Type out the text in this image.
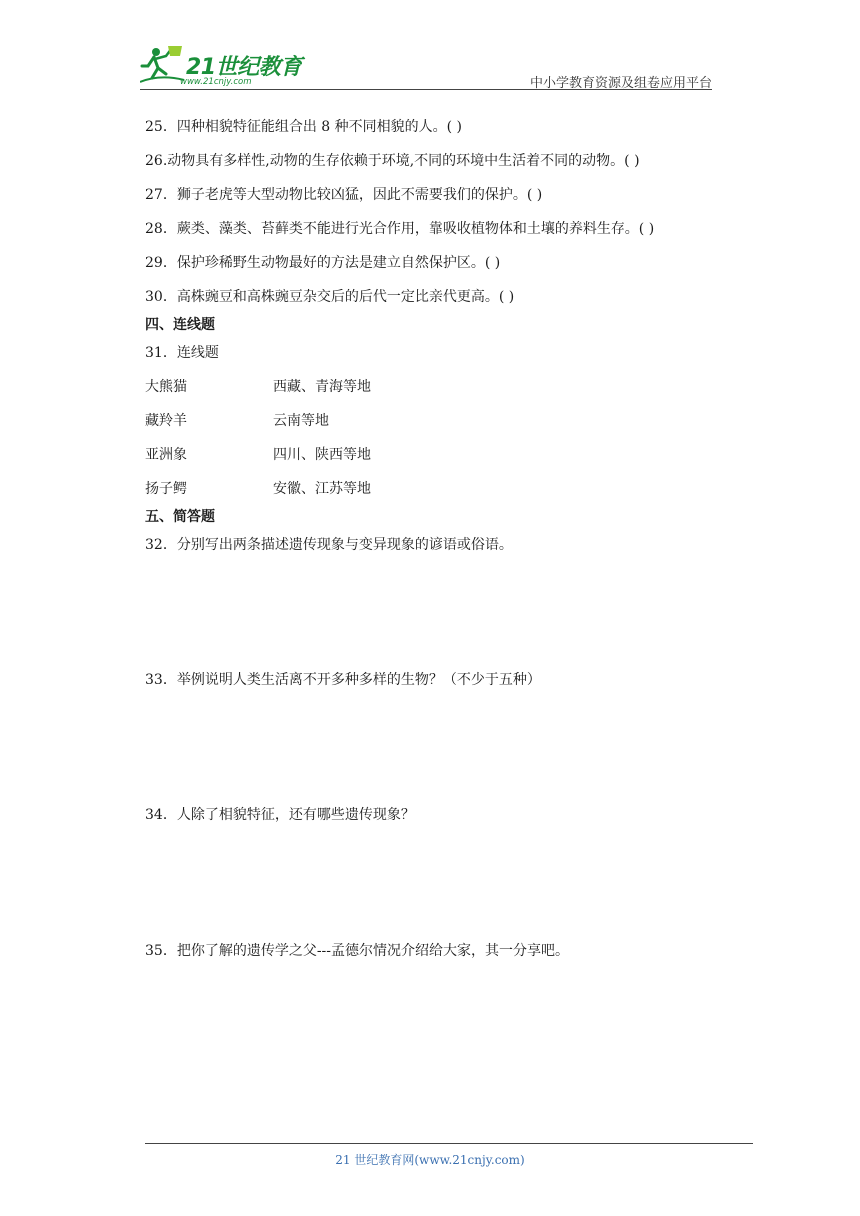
21世纪教育
www.21cnjy.com	中小学教育资源及组卷应用平台
25．四种相貌特征能组合出 8 种不同相貌的人。( )
26.动物具有多样性,动物的生存依赖于环境,不同的环境中生活着不同的动物。( )
27．狮子老虎等大型动物比较凶猛，因此不需要我们的保护。( )
28．蕨类、藻类、苔藓类不能进行光合作用，靠吸收植物体和土壤的养料生存。( )
29．保护珍稀野生动物最好的方法是建立自然保护区。( )
30．高株豌豆和高株豌豆杂交后的后代一定比亲代更高。( )
四、连线题
31．连线题
大熊猫	西藏、青海等地
藏羚羊	云南等地
亚洲象	四川、陕西等地
扬子鳄	安徽、江苏等地
五、简答题
32．分别写出两条描述遗传现象与变异现象的谚语或俗语。
33．举例说明人类生活离不开多种多样的生物？（不少于五种）
34．人除了相貌特征，还有哪些遗传现象？
35．把你了解的遗传学之父---孟德尔情况介绍给大家，其一分享吧。
21 世纪教育网(www.21cnjy.com)
